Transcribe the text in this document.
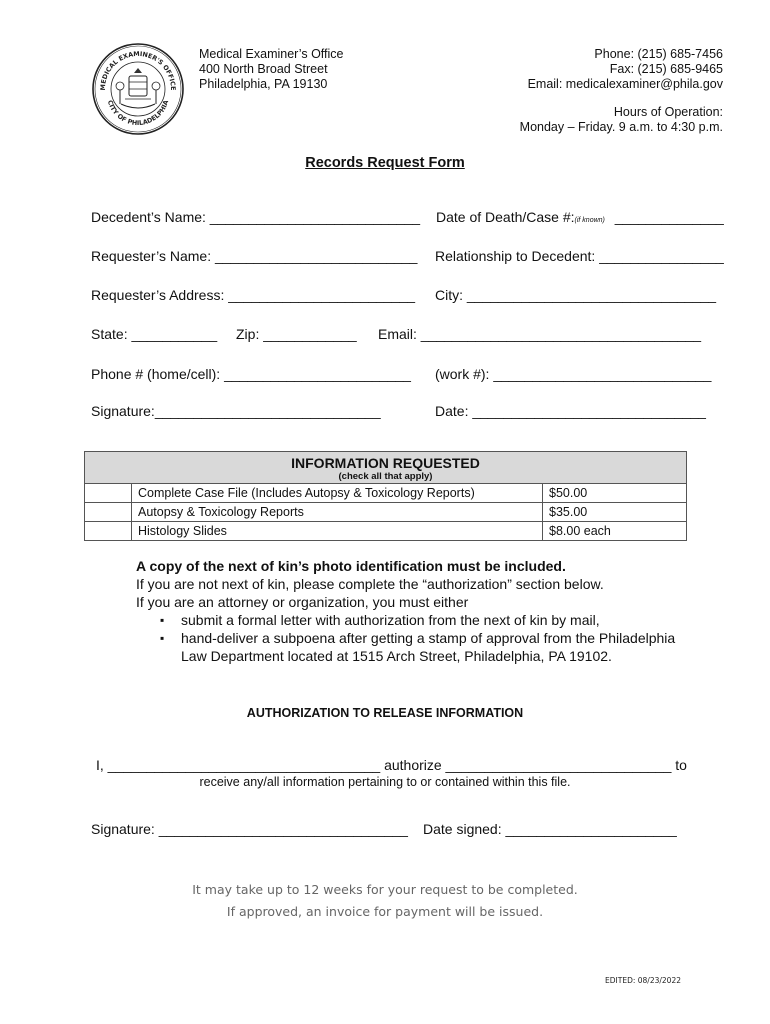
MEDICAL EXAMINER'S OFFICE
CITY OF PHILADELPHIA
Medical Examiner’s Office
400 North Broad Street
Philadelphia, PA 19130
Phone: (215) 685-7456
Fax: (215) 685-9465
Email: medicalexaminer@phila.gov
Hours of Operation:
Monday – Friday. 9 a.m. to 4:30 p.m.
Records Request Form
Decedent’s Name: ___________________________ Date of Death/Case #:(if known) ______________
Requester’s Name: __________________________ Relationship to Decedent: ________________
Requester’s Address: ________________________ City: ________________________________
State: ___________ Zip: ____________ Email: ____________________________________
Phone # (home/cell): ________________________ (work #): ____________________________
Signature:_____________________________	Date: ______________________________
INFORMATION REQUESTED
(check all that apply)		

	Complete Case File (Includes Autopsy & Toxicology Reports)	$50.00
	Autopsy & Toxicology Reports	$35.00
	Histology Slides	$8.00 each
A copy of the next of kin’s photo identification must be included.
If you are not next of kin, please complete the “authorization” section below.
If you are an attorney or organization, you must either
▪ submit a formal letter with authorization from the next of kin by mail,
▪ hand-deliver a subpoena after getting a stamp of approval from the Philadelphia Law Department located at 1515 Arch Street, Philadelphia, PA 19102.
AUTHORIZATION TO RELEASE INFORMATION
I, ___________________________________ authorize _____________________________ to
receive any/all information pertaining to or contained within this file.
Signature: ________________________________ Date signed: ______________________
It may take up to 12 weeks for your request to be completed.
If approved, an invoice for payment will be issued.
EDITED: 08/23/2022
